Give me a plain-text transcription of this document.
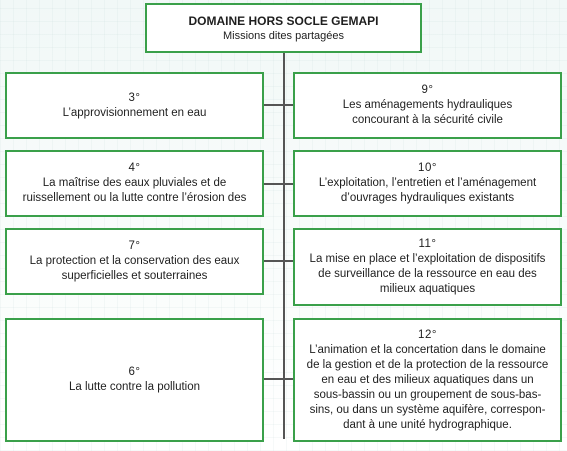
DOMAINE HORS SOCLE GEMAPI
Missions dites partagées
3°
L’approvisionnement en eau
4°
La maîtrise des eaux pluviales et de
ruissellement ou la lutte contre l’érosion des
7°
La protection et la conservation des eaux
superficielles et souterraines
6°
La lutte contre la pollution
9°
Les aménagements hydrauliques
concourant à la sécurité civile
10°
L’exploitation, l’entretien et l’aménagement
d’ouvrages hydrauliques existants
11°
La mise en place et l’exploitation de dispositifs
de surveillance de la ressource en eau des
milieux aquatiques
12°
L’animation et la concertation dans le domaine
de la gestion et de la protection de la ressource
en eau et des milieux aquatiques dans un
sous-bassin ou un groupement de sous-bas-
sins, ou dans un système aquifère, correspon-
dant à une unité hydrographique.
